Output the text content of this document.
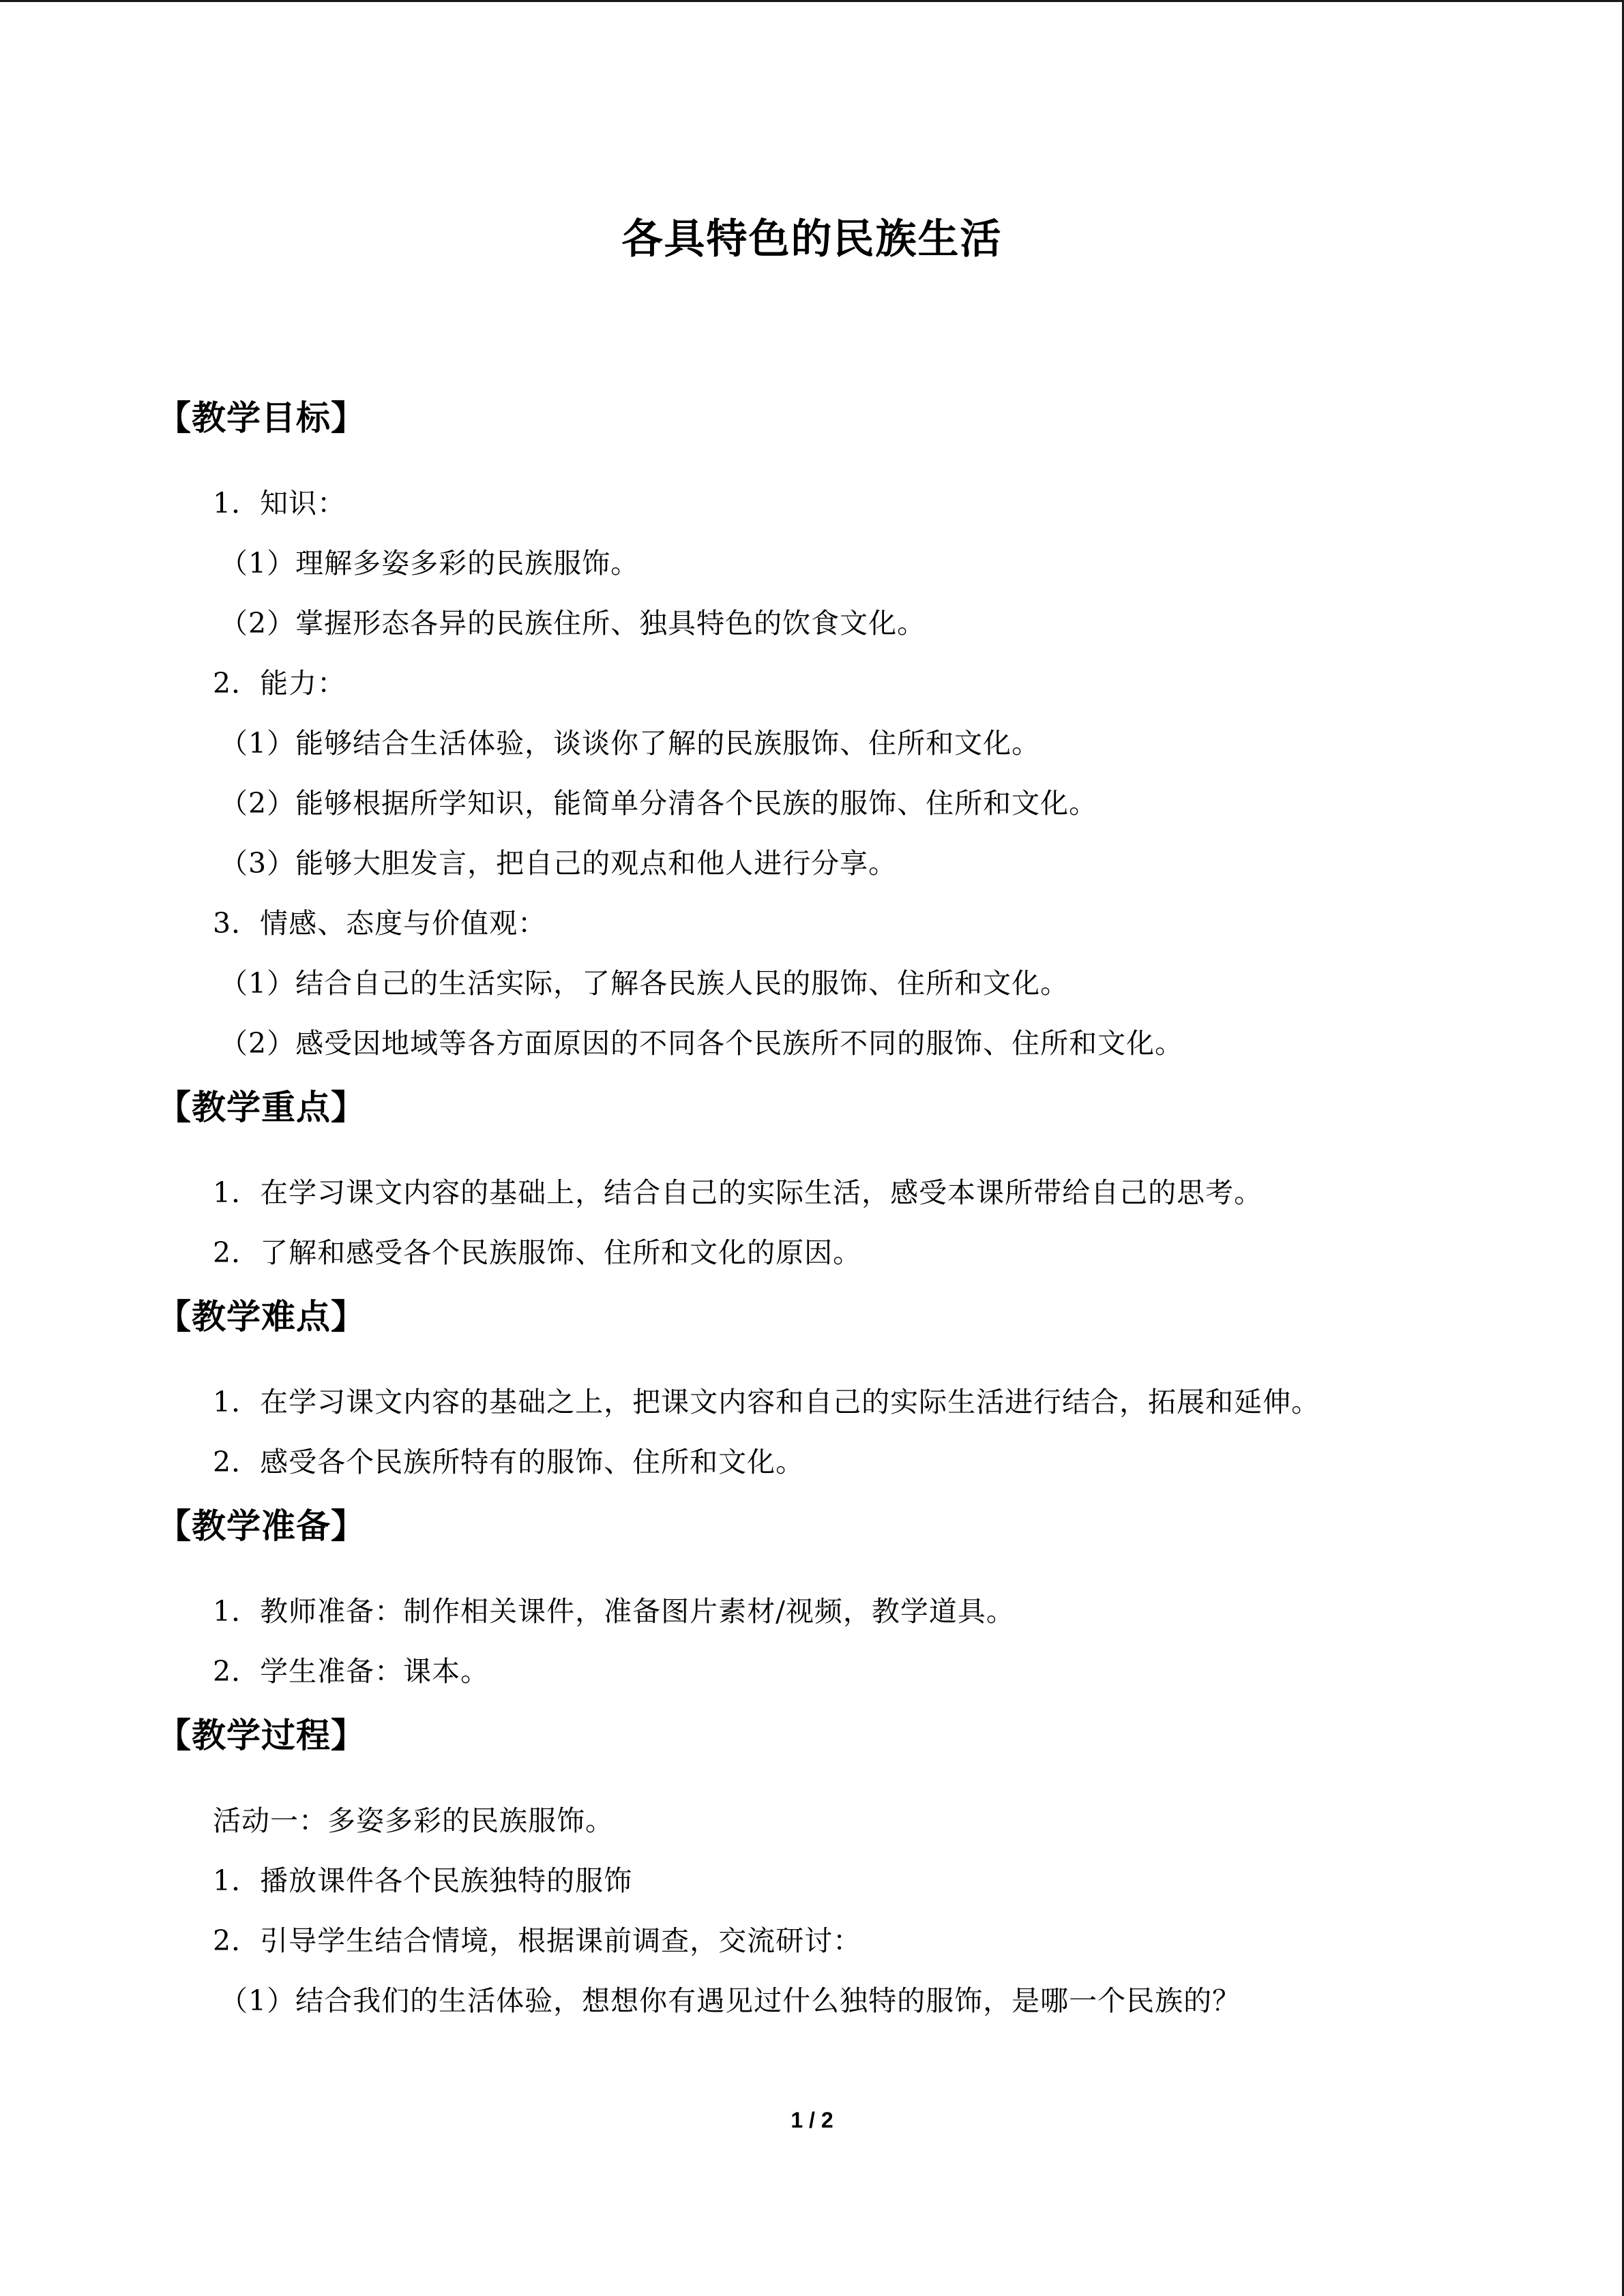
各具特色的民族生活
【教学目标】
1．知识：
（1）理解多姿多彩的民族服饰。
（2）掌握形态各异的民族住所、独具特色的饮食文化。
2．能力：
（1）能够结合生活体验，谈谈你了解的民族服饰、住所和文化。
（2）能够根据所学知识，能简单分清各个民族的服饰、住所和文化。
（3）能够大胆发言，把自己的观点和他人进行分享。
3．情感、态度与价值观：
（1）结合自己的生活实际，了解各民族人民的服饰、住所和文化。
（2）感受因地域等各方面原因的不同各个民族所不同的服饰、住所和文化。
【教学重点】
1．在学习课文内容的基础上，结合自己的实际生活，感受本课所带给自己的思考。
2．了解和感受各个民族服饰、住所和文化的原因。
【教学难点】
1．在学习课文内容的基础之上，把课文内容和自己的实际生活进行结合，拓展和延伸。
2．感受各个民族所特有的服饰、住所和文化。
【教学准备】
1．教师准备：制作相关课件，准备图片素材/视频，教学道具。
2．学生准备：课本。
【教学过程】
活动一：多姿多彩的民族服饰。
1．播放课件各个民族独特的服饰
2．引导学生结合情境，根据课前调查，交流研讨：
（1）结合我们的生活体验，想想你有遇见过什么独特的服饰，是哪一个民族的？
1 / 2
